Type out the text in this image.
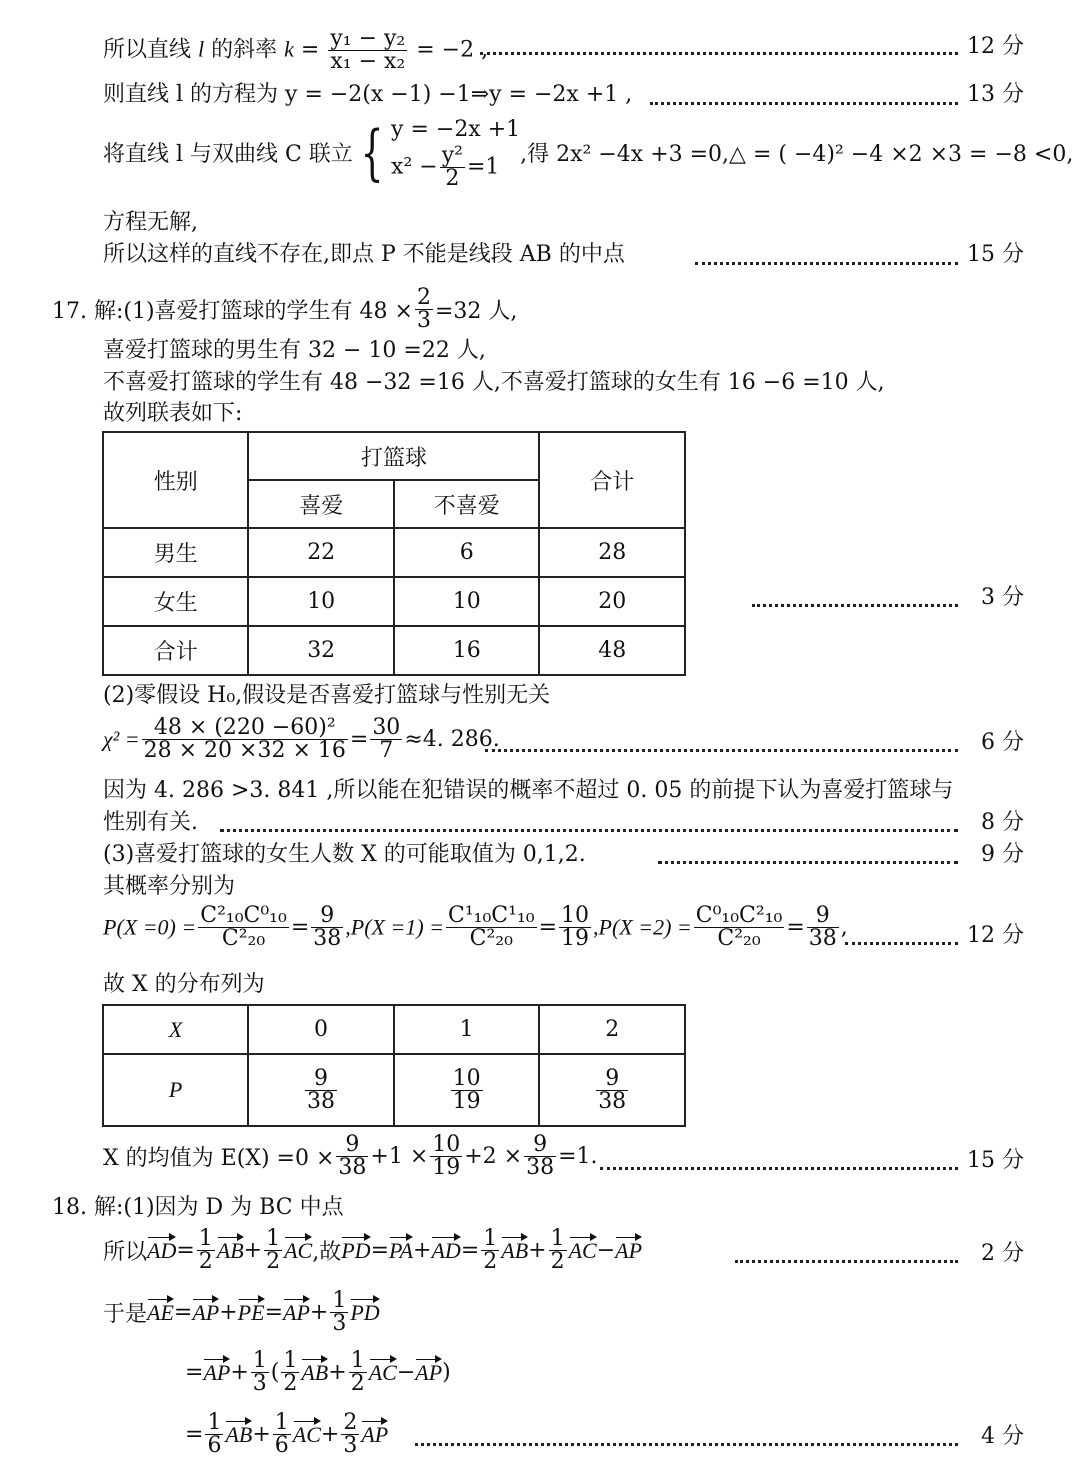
所以直线 l 的斜率 $k = \frac{\text{y₁ − y₂}}{\text{x₁ − x₂}} = -2$ ,	12 分
则直线 l 的方程为 y = −2(x −1) −1⇒y = −2x +1 ,	13 分
将直线 l 与双曲线 C 联立 { y = −2x +1
$x^2 - \frac{\text{y²}}{2} =1$ ,得 2x² −4x +3 =0,△ = ( −4)² −4 ×2 ×3 = −8 <0,
方程无解,
所以这样的直线不存在,即点 P 不能是线段 AB 的中点	15 分
17. 解:(1)喜爱打篮球的学生有 $48 \times \frac{2}{3} =32$ 人,
喜爱打篮球的男生有 32 − 10 =22 人,
不喜爱打篮球的学生有 48 −32 =16 人,不喜爱打篮球的女生有 16 −6 =10 人,
故列联表如下:
性别	打篮球		合计
	喜爱	不喜爱	
男生	22	6	28
女生	10	10	20
合计	32	16	48
3 分
(2)零假设 H₀,假设是否喜爱打篮球与性别无关
$\chi^2 = \frac{\text{48 × (220 −60)²}}{28 \times 20 \times 32 \times 16} = \frac{30}{7} \approx 4$. 286.	6 分
因为 4. 286 >3. 841 ,所以能在犯错误的概率不超过 0. 05 的前提下认为喜爱打篮球与
性别有关.	8 分
(3)喜爱打篮球的女生人数 X 的可能取值为 0,1,2.	9 分
其概率分别为
$P(X =0) = \frac{\text{C²₁₀C⁰₁₀}}{\text{C²₂₀}} = \frac{9}{38} ,P(X =1) = \frac{\text{C¹₁₀C¹₁₀}}{\text{C²₂₀}} = \frac{10}{19} ,P(X =2) = \frac{\text{C⁰₁₀C²₁₀}}{\text{C²₂₀}} = \frac{9}{38}$ ,	12 分
故 X 的分布列为
X	0	1	2
P	$\frac{9}{38}$	$\frac{10}{19}$	$\frac{9}{38}$
X 的均值为 $E(X) =0 \times \frac{9}{38} +1 \times \frac{10}{19} +2 \times \frac{9}{38} =1$.	15 分
18. 解:(1)因为 D 为 BC 中点
所以$AD= \frac{1}{2} AB+ \frac{1}{2}$ AC,故$PD=PA+AD= \frac{1}{2} AB+ \frac{1}{2} AC-AP$	2 分
于是$AE=AP+PE=AP+ \frac{1}{3}$ PD
$=AP+ \frac{1}{3}$ ( $\frac{1}{2} AB+ \frac{1}{2} AC-AP$)
= $\frac{1}{6} AB+ \frac{1}{6} AC+ \frac{2}{3}$ AP	4 分
